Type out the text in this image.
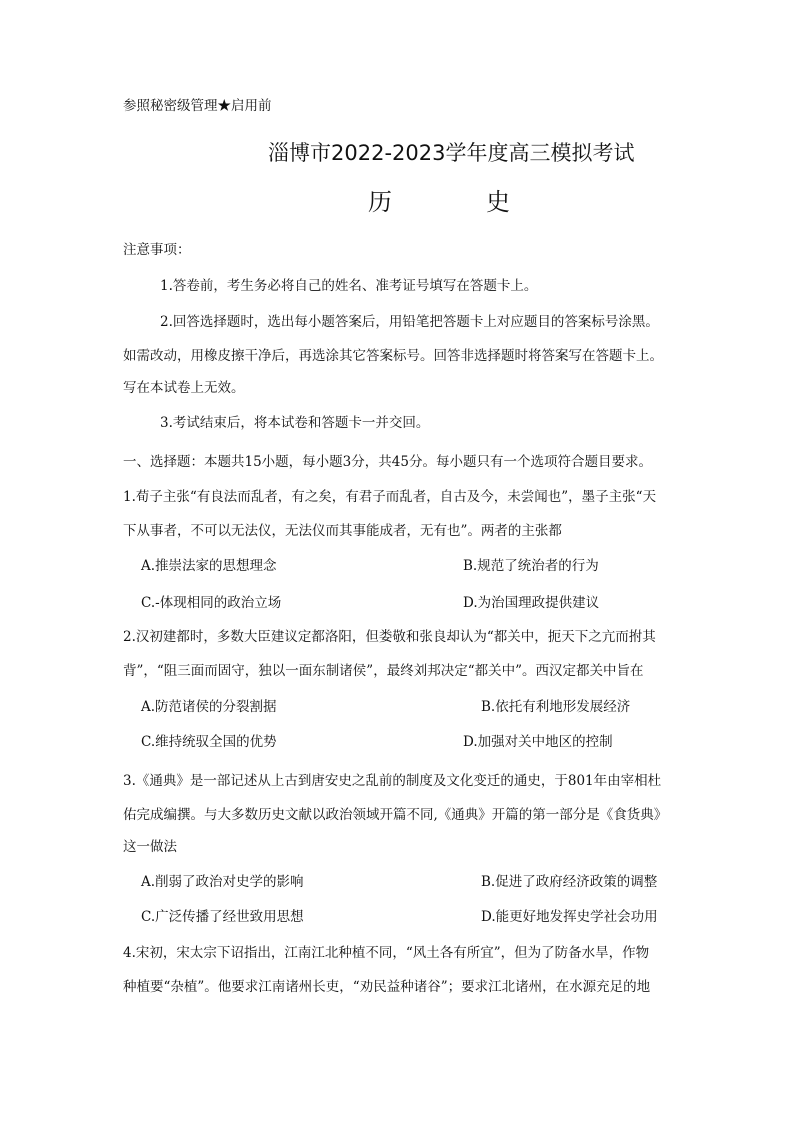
参照秘密级管理★启用前
淄博市2022-2023学年度高三模拟考试
历	史
注意事项：
1.答卷前，考生务必将自己的姓名、准考证号填写在答题卡上。
2.回答选择题时，选出每小题答案后，用铅笔把答题卡上对应题目的答案标号涂黑。
如需改动，用橡皮擦干净后，再选涂其它答案标号。回答非选择题时将答案写在答题卡上。
写在本试卷上无效。
3.考试结束后，将本试卷和答题卡一并交回。
一、选择题：本题共15小题，每小题3分，共45分。每小题只有一个选项符合题目要求。
1.荀子主张“有良法而乱者，有之矣，有君子而乱者，自古及今，未尝闻也”，墨子主张“天
下从事者，不可以无法仪，无法仪而其事能成者，无有也”。两者的主张都
A.推崇法家的思想理念	B.规范了统治者的行为
C.-体现相同的政治立场	D.为治国理政提供建议
2.汉初建都时，多数大臣建议定都洛阳，但娄敬和张良却认为“都关中，扼天下之亢而拊其
背”，“阻三面而固守，独以一面东制诸侯”，最终刘邦决定“都关中”。西汉定都关中旨在
A.防范诸侯的分裂割据	B.依托有利地形发展经济
C.维持统驭全国的优势	D.加强对关中地区的控制
3.《通典》是一部记述从上古到唐安史之乱前的制度及文化变迁的通史，于801年由宰相杜
佑完成编撰。与大多数历史文献以政治领域开篇不同,《通典》开篇的第一部分是《食货典》
这一做法
A.削弱了政治对史学的影响	B.促进了政府经济政策的调整
C.广泛传播了经世致用思想	D.能更好地发挥史学社会功用
4.宋初，宋太宗下诏指出，江南江北种植不同，“风土各有所宜”，但为了防备水旱，作物
种植要“杂植”。他要求江南诸州长吏，“劝民益种诸谷”；要求江北诸州，在水源充足的地
